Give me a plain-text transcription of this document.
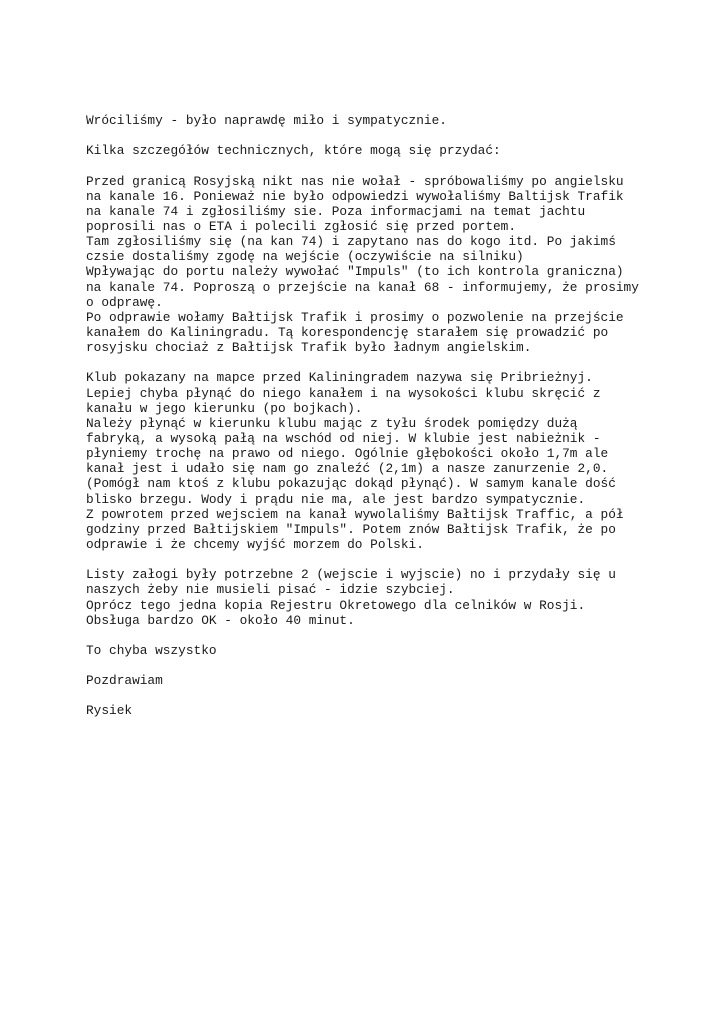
Wróciliśmy - było naprawdę miło i sympatycznie.
Kilka szczegółów technicznych, które mogą się przydać:
Przed granicą Rosyjską nikt nas nie wołał - spróbowaliśmy po angielsku
na kanale 16. Ponieważ nie było odpowiedzi wywołaliśmy Baltijsk Trafik
na kanale 74 i zgłosiliśmy sie. Poza informacjami na temat jachtu
poprosili nas o ETA i polecili zgłosić się przed portem.
Tam zgłosiliśmy się (na kan 74) i zapytano nas do kogo itd. Po jakimś
czsie dostaliśmy zgodę na wejście (oczywiście na silniku)
Wpływając do portu należy wywołać "Impuls" (to ich kontrola graniczna)
na kanale 74. Poproszą o przejście na kanał 68 - informujemy, że prosimy
o odprawę.
Po odprawie wołamy Bałtijsk Trafik i prosimy o pozwolenie na przejście
kanałem do Kaliningradu. Tą korespondencję starałem się prowadzić po
rosyjsku chociaż z Bałtijsk Trafik było ładnym angielskim.
Klub pokazany na mapce przed Kaliningradem nazywa się Pribrieżnyj.
Lepiej chyba płynąć do niego kanałem i na wysokości klubu skręcić z
kanału w jego kierunku (po bojkach).
Należy płynąć w kierunku klubu mając z tyłu środek pomiędzy dużą
fabryką, a wysoką pałą na wschód od niej. W klubie jest nabieżnik -
płyniemy trochę na prawo od niego. Ogólnie głębokości około 1,7m ale
kanał jest i udało się nam go znaleźć (2,1m) a nasze zanurzenie 2,0.
(Pomógł nam ktoś z klubu pokazując dokąd płynąć). W samym kanale dość
blisko brzegu. Wody i prądu nie ma, ale jest bardzo sympatycznie.
Z powrotem przed wejsciem na kanał wywolaliśmy Bałtijsk Traffic, a pół
godziny przed Bałtijskiem "Impuls". Potem znów Bałtijsk Trafik, że po
odprawie i że chcemy wyjść morzem do Polski.
Listy załogi były potrzebne 2 (wejscie i wyjscie) no i przydały się u
naszych żeby nie musieli pisać - idzie szybciej.
Oprócz tego jedna kopia Rejestru Okretowego dla celników w Rosji.
Obsługa bardzo OK - około 40 minut.
To chyba wszystko
Pozdrawiam
Rysiek
